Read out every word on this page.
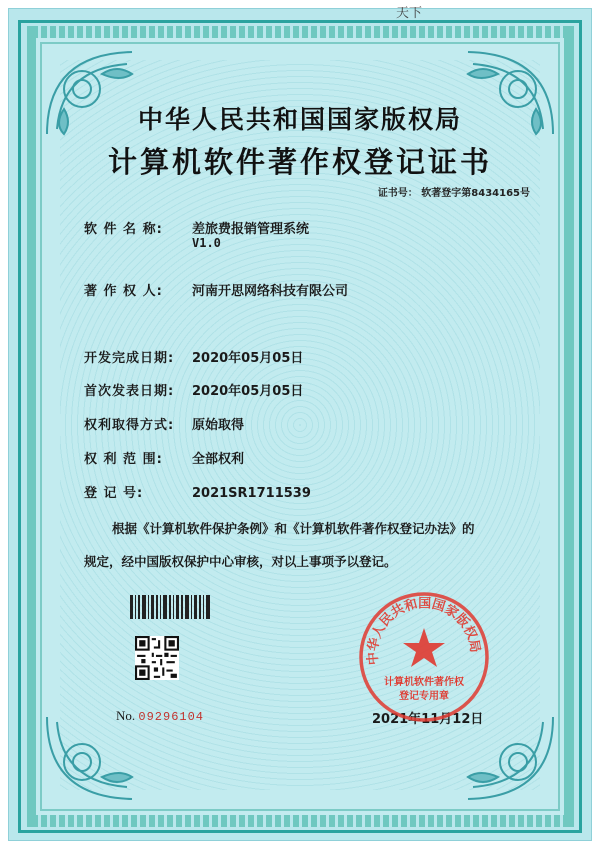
天下
中华人民共和国国家版权局
计算机软件著作权登记证书
证书号： 软著登字第8434165号
软 件 名 称: 差旅费报销管理系统
V1.0
著 作 权 人: 河南开思网络科技有限公司
开发完成日期: 2020年05月05日
首次发表日期: 2020年05月05日
权利取得方式: 原始取得
权 利 范 围: 全部权利
登 记 号:	2021SR1711539
根据《计算机软件保护条例》和《计算机软件著作权登记办法》的
规定，经中国版权保护中心审核，对以上事项予以登记。
No. 09296104	2021年11月12日
中华人民共和国国家版权局
计算机软件著作权
登记专用章
